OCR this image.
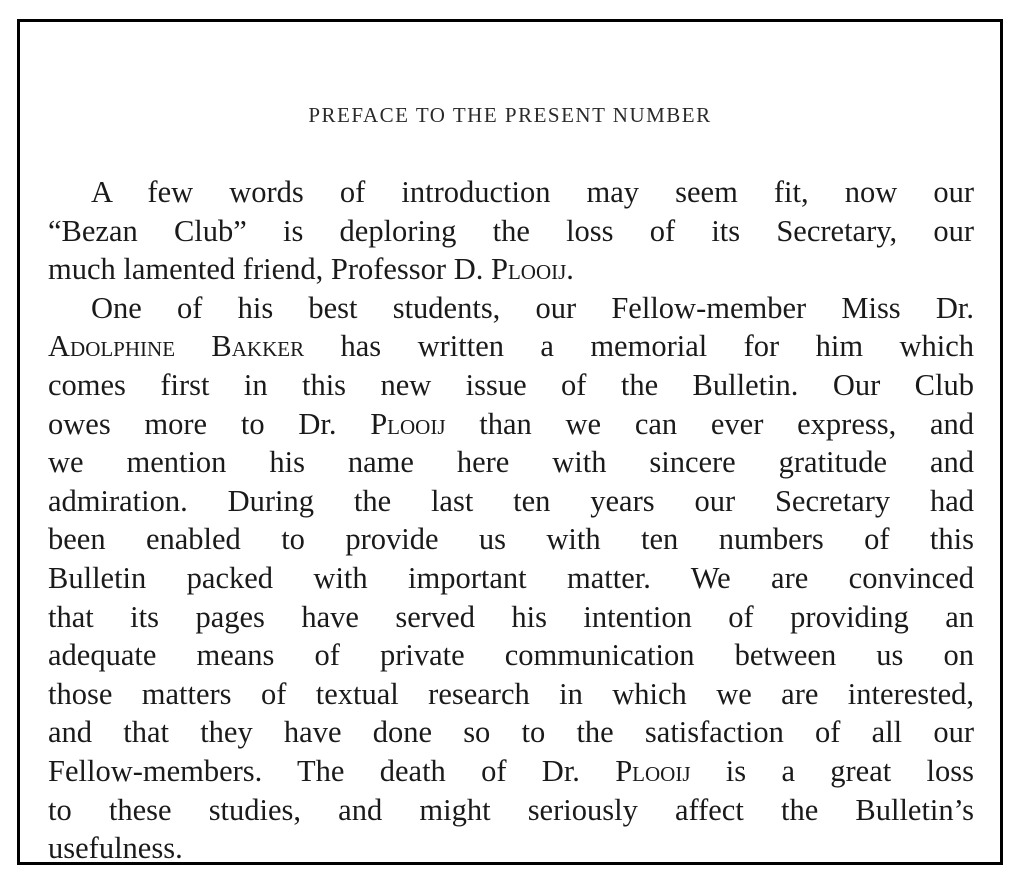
PREFACE TO THE PRESENT NUMBER
A few words of introduction may seem fit, now our
“Bezan Club” is deploring the loss of its Secretary, our
much lamented friend, Professor D. Plooij.
One of his best students, our Fellow-member Miss Dr.
Adolphine Bakker has written a memorial for him which
comes first in this new issue of the Bulletin. Our Club
owes more to Dr. Plooij than we can ever express, and
we mention his name here with sincere gratitude and
admiration. During the last ten years our Secretary had
been enabled to provide us with ten numbers of this
Bulletin packed with important matter. We are convinced
that its pages have served his intention of providing an
adequate means of private communication between us on
those matters of textual research in which we are interested,
and that they have done so to the satisfaction of all our
Fellow-members. The death of Dr. Plooij is a great loss
to these studies, and might seriously affect the Bulletin’s
usefulness.
